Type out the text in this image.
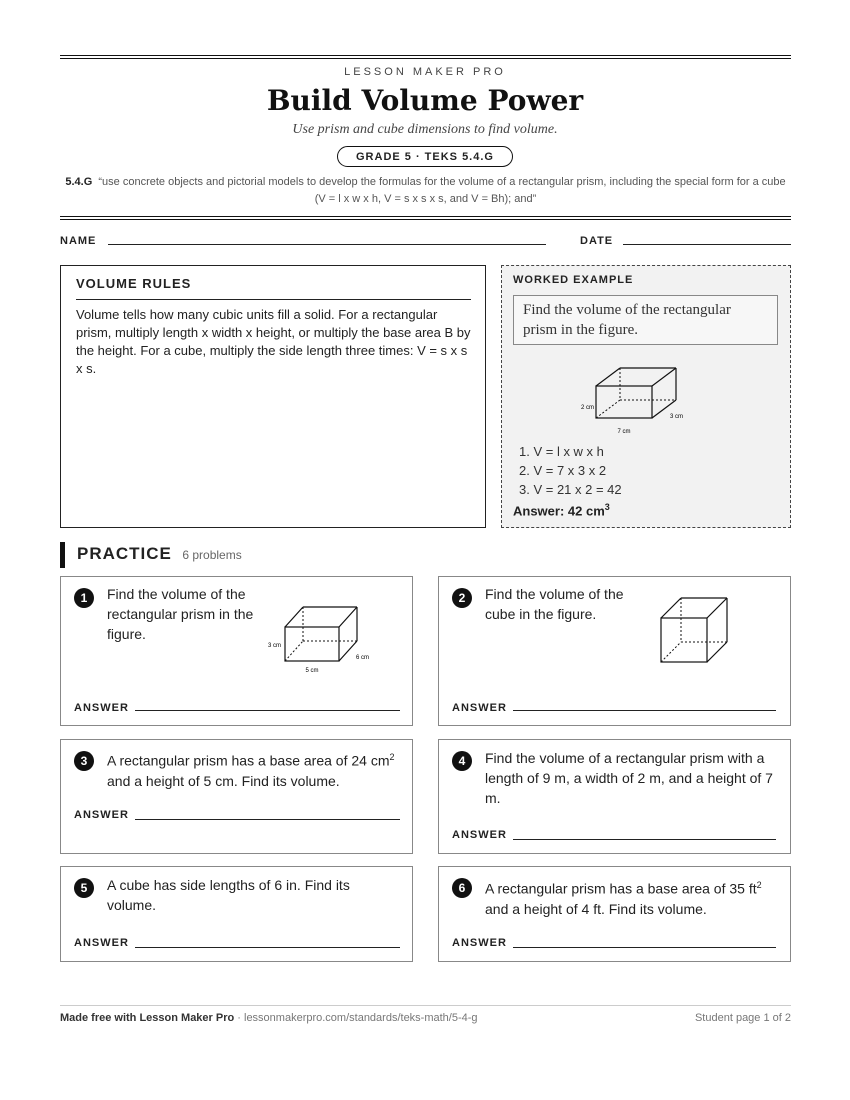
LESSON MAKER PRO
Build Volume Power
Use prism and cube dimensions to find volume.
GRADE 5 · TEKS 5.4.G
5.4.G “use concrete objects and pictorial models to develop the formulas for the volume of a rectangular prism, including the special form for a cube (V = l x w x h, V = s x s x s, and V = Bh); and”
NAME	DATE
VOLUME RULES
Volume tells how many cubic units fill a solid. For a rectangular prism, multiply length x width x height, or multiply the base area B by the height. For a cube, multiply the side length three times: V = s x s x s.
WORKED EXAMPLE
Find the volume of the rectangular prism in the figure.
2 cm
7 cm
3 cm
1. V = l x w x h
2. V = 7 x 3 x 2
3. V = 21 x 2 = 42
Answer: 42 $cm^3$
PRACTICE 6 problems
1	Find the volume of the rectangular prism in the figure.
3 cm
5 cm
6 cm
ANSWER
2	Find the volume of the cube in the figure.
ANSWER
3	A rectangular prism has a base area of 24 $cm^2$ and a height of 5 cm. Find its volume.
ANSWER
4	Find the volume of a rectangular prism with a length of 9 m, a width of 2 m, and a height of 7 m.
ANSWER
5	A cube has side lengths of 6 in. Find its volume.
ANSWER
6	A rectangular prism has a base area of 35 $ft^2$ and a height of 4 ft. Find its volume.
ANSWER
Made free with Lesson Maker Pro · lessonmakerpro.com/standards/teks-math/5-4-g	Student page 1 of 2
